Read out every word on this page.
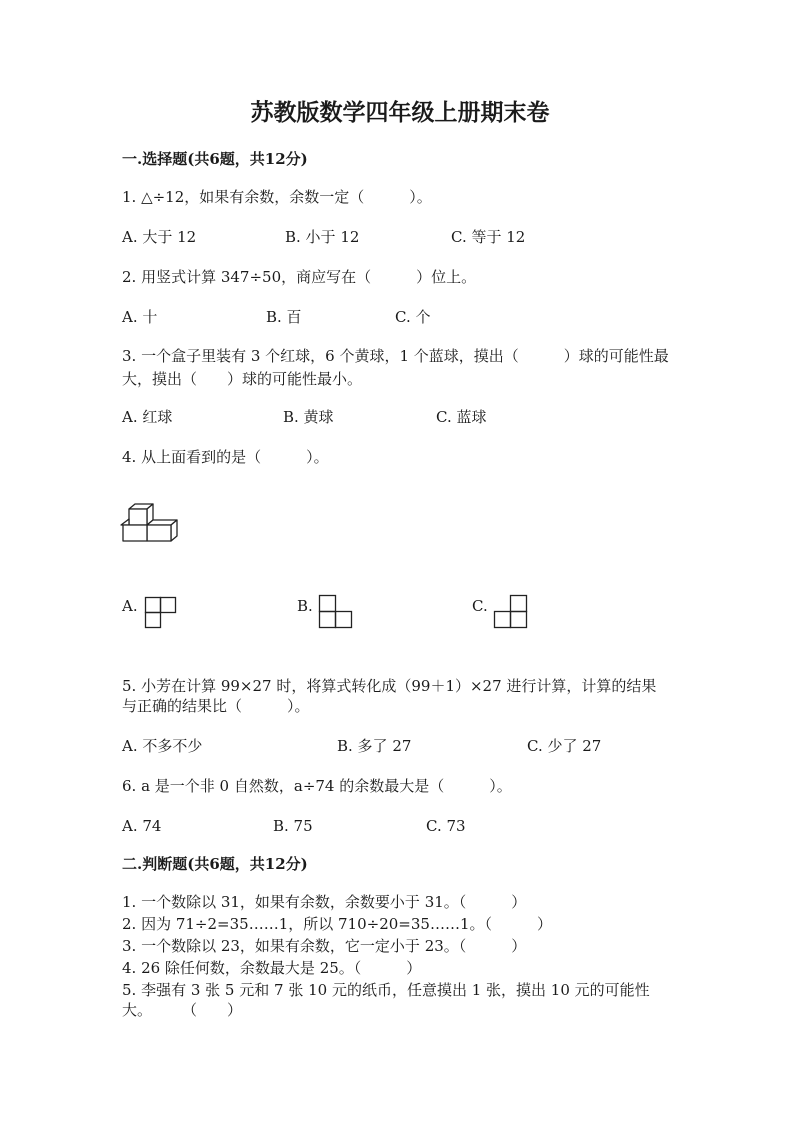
苏教版数学四年级上册期末卷
一.选择题(共6题，共12分)
1. △÷12，如果有余数，余数一定（　　　）。
A. 大于 12	B. 小于 12	C. 等于 12
2. 用竖式计算 347÷50，商应写在（　　　）位上。
A. 十	B. 百	C. 个
3. 一个盒子里装有 3 个红球，6 个黄球，1 个蓝球，摸出（　　　）球的可能性最
大，摸出（　　）球的可能性最小。
A. 红球	B. 黄球	C. 蓝球
4. 从上面看到的是（　　　）。
A.	B.	C.
5. 小芳在计算 99×27 时，将算式转化成（99＋1）×27 进行计算，计算的结果
与正确的结果比（　　　）。
A. 不多不少	B. 多了 27	C. 少了 27
6. a 是一个非 0 自然数，a÷74 的余数最大是（　　　）。
A. 74	B. 75	C. 73
二.判断题(共6题，共12分)
1. 一个数除以 31，如果有余数，余数要小于 31。（　　　）
2. 因为 71÷2=35……1，所以 710÷20=35……1。（　　　）
3. 一个数除以 23，如果有余数，它一定小于 23。（　　　）
4. 26 除任何数，余数最大是 25。（　　　）
5. 李强有 3 张 5 元和 7 张 10 元的纸币，任意摸出 1 张，摸出 10 元的可能性
大。　　　（　　）
